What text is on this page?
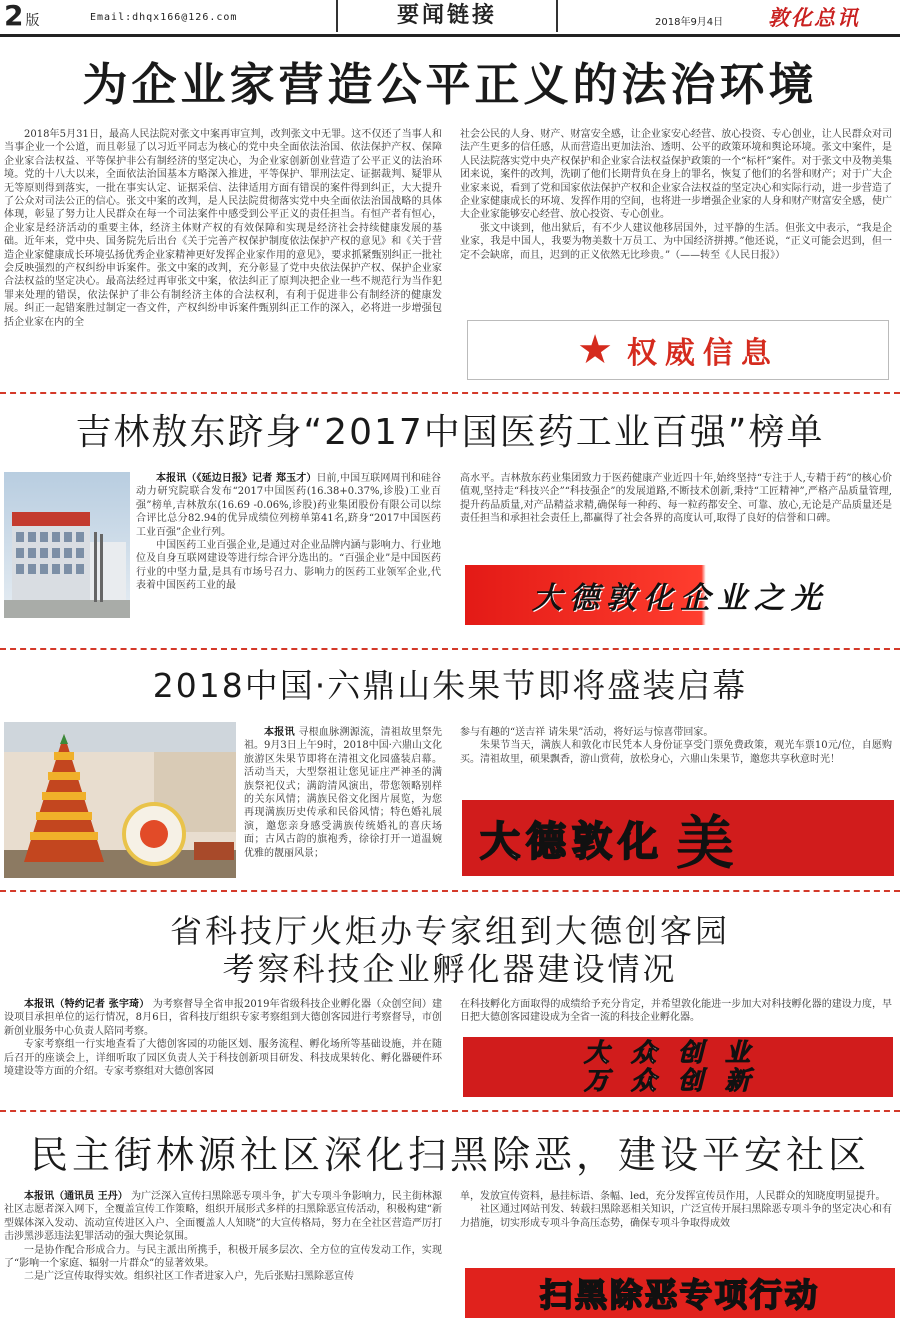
2 版	Email:dhqx166@126.com	要闻链接	2018年9月4日 敦化总讯
为企业家营造公平正义的法治环境

2018年5月31日，最高人民法院对张文中案再审宣判，改判张文中无罪。这不仅还了当事人和当事企业一个公道，而且彰显了以习近平同志为核心的党中央全面依法治国、依法保护产权、保障企业家合法权益、平等保护非公有制经济的坚定决心，为企业家创新创业营造了公平正义的法治环境。党的十八大以来，全面依法治国基本方略深入推进，平等保护、罪刑法定、证据裁判、疑罪从无等原则得到落实，一批在事实认定、证据采信、法律适用方面有错误的案件得到纠正，大大提升了公众对司法公正的信心。张文中案的改判，是人民法院贯彻落实党中央全面依法治国战略的具体体现，彰显了努力让人民群众在每一个司法案件中感受到公平正义的责任担当。有恒产者有恒心，企业家是经济活动的重要主体，经济主体财产权的有效保障和实现是经济社会持续健康发展的基础。近年来，党中央、国务院先后出台《关于完善产权保护制度依法保护产权的意见》和《关于营造企业家健康成长环境弘扬优秀企业家精神更好发挥企业家作用的意见》，要求抓紧甄别纠正一批社会反映强烈的产权纠纷申诉案件。张文中案的改判，充分彰显了党中央依法保护产权、保护企业家合法权益的坚定决心。最高法经过再审张文中案，依法纠正了原判决把企业一些不规范行为当作犯罪来处理的错误，依法保护了非公有制经济主体的合法权利，有利于促进非公有制经济的健康发展。纠正一起错案胜过制定一杳文件，产权纠纷申诉案件甄别纠正工作的深入，必将进一步增强包括企业家在内的全

社会公民的人身、财产、财富安全感，让企业家安心经营、放心投资、专心创业，让人民群众对司法产生更多的信任感，从而营造出更加法治、透明、公平的政策环境和舆论环境。张文中案件，是人民法院落实党中央产权保护和企业家合法权益保护政策的一个“标杆”案件。对于张文中及物美集团来说，案件的改判，洗刷了他们长期背负在身上的罪名，恢复了他们的名誉和财产；对于广大企业家来说，看到了党和国家依法保护产权和企业家合法权益的坚定决心和实际行动，进一步营造了企业家健康成长的环境、发挥作用的空间，也将进一步增强企业家的人身和财产财富安全感，使广大企业家能够安心经营、放心投资、专心创业。

张文中谈到，他出狱后，有不少人建议他移居国外，过平静的生活。但张文中表示，“我是企业家，我是中国人，我要为物美数十万员工、为中国经济拼搏。”他还说，“正义可能会迟到，但一定不会缺席，而且，迟到的正义依然无比珍贵。”（——转至《人民日报》）

★ 权威信息
吉林敖东跻身“2017中国医药工业百强”榜单

本报讯（《延边日报》记者 郑玉才）日前,中国互联网周刊和硅谷动力研究院联合发布“2017中国医药(16.38+0.37%,诊股)工业百强”榜单,吉林敖东(16.69 -0.06%,诊股)药业集团股份有限公司以综合评比总分82.94的优异成绩位列榜单第41名,跻身“2017中国医药工业百强”企业行列。

中国医药工业百强企业,是通过对企业品牌内涵与影响力、行业地位及自身互联网建设等进行综合评分选出的。“百强企业”是中国医药行业的中坚力量,是具有市场号召力、影响力的医药工业领军企业,代表着中国医药工业的最

高水平。吉林敖东药业集团致力于医药健康产业近四十年,始终坚持“专注于人,专精于药”的核心价值观,坚持走“科技兴企”“科技强企”的发展道路,不断技术创新,秉持“工匠精神”,严格产品质量管理,提升药品质量,对产品精益求精,确保每一种药、每一粒药都安全、可靠、放心,无论是产品质量还是责任担当和承担社会责任上,都赢得了社会各界的高度认可,取得了良好的信誉和口碑。

大德敦化企业之光
2018中国·六鼎山朱果节即将盛装启幕

本报讯 寻根血脉溯源流，清祖故里祭先祖。9月3日上午9时，2018中国·六鼎山文化旅游区朱果节即将在清祖文化园盛装启幕。活动当天，大型祭祖让您见证庄严神圣的满族祭祀仪式；满韵清风演出，带您领略别样的关东风情；满族民俗文化图片展览，为您再现满族历史传承和民俗风情；特色婚礼展演，邀您亲身感受满族传统婚礼的喜庆场面；古风古韵的旗袍秀，徐徐打开一道温婉优雅的靓丽风景；

参与有趣的“送吉祥 请朱果”活动，将好运与惊喜带回家。

朱果节当天，满族人和敦化市民凭本人身份证享受门票免费政策，观光车票10元/位，自愿购买。清祖故里，硕果飘香，游山赏荷，放松身心，六鼎山朱果节，邀您共享秋意时光！

大德敦化 美
省科技厅火炬办专家组到大德创客园
考察科技企业孵化器建设情况

本报讯（特约记者 张宇琦） 为考察督导全省申报2019年省级科技企业孵化器（众创空间）建设项目承担单位的运行情况，8月6日，省科技厅组织专家考察组到大德创客园进行考察督导，市创新创业服务中心负责人陪同考察。

专家考察组一行实地查看了大德创客园的功能区划、服务流程、孵化场所等基础设施，并在随后召开的座谈会上，详细听取了园区负责人关于科技创新项目研发、科技成果转化、孵化器硬件环境建设等方面的介绍。专家考察组对大德创客园

在科技孵化方面取得的成绩给予充分肯定，并希望敦化能进一步加大对科技孵化器的建设力度，早日把大德创客园建设成为全省一流的科技企业孵化器。

大众创业
万众创新
民主街林源社区深化扫黑除恶，建设平安社区

本报讯（通讯员 王丹） 为广泛深入宣传扫黑除恶专项斗争，扩大专项斗争影响力，民主街林源社区志愿者深入网下，全覆盖宣传工作策略，组织开展形式多样的扫黑除恶宣传活动，积极构建“新型媒体深入发动、流动宣传进区入户、全面覆盖人人知晓”的大宣传格局，努力在全社区营造严厉打击涉黑涉恶违法犯罪活动的强大舆论氛围。

一是协作配合形成合力。与民主派出所携手，积极开展多层次、全方位的宣传发动工作，实现了“影响一个家庭、辐射一片群众”的显著效果。

二是广泛宣传取得实效。组织社区工作者进家入户，先后张贴扫黑除恶宣传

单，发放宣传资料，悬挂标语、条幅、led，充分发挥宣传员作用，人民群众的知晓度明显提升。

社区通过网站刊发、转载扫黑除恶相关知识，广泛宣传开展扫黑除恶专项斗争的坚定决心和有力措施，切实形成专项斗争高压态势，确保专项斗争取得成效

扫黑除恶专项行动
